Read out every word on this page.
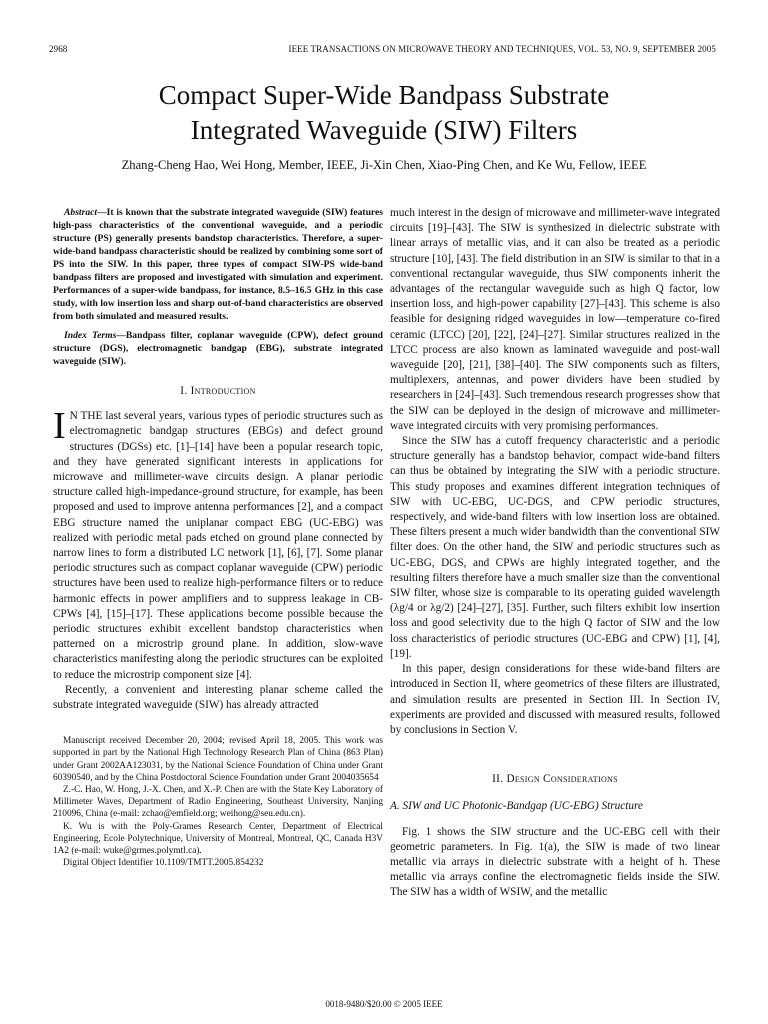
2968	IEEE TRANSACTIONS ON MICROWAVE THEORY AND TECHNIQUES, VOL. 53, NO. 9, SEPTEMBER 2005
Compact Super-Wide Bandpass Substrate
Integrated Waveguide (SIW) Filters
Zhang-Cheng Hao, Wei Hong, Member, IEEE, Ji-Xin Chen, Xiao-Ping Chen, and Ke Wu, Fellow, IEEE

Abstract—It is known that the substrate integrated waveguide (SIW) features high-pass characteristics of the conventional waveguide, and a periodic structure (PS) generally presents bandstop characteristics. Therefore, a super-wide-band bandpass characteristic should be realized by combining some sort of PS into the SIW. In this paper, three types of compact SIW-PS wide-band bandpass filters are proposed and investigated with simulation and experiment. Performances of a super-wide bandpass, for instance, 8.5–16.5 GHz in this case study, with low insertion loss and sharp out-of-band characteristics are observed from both simulated and measured results.

Index Terms—Bandpass filter, coplanar waveguide (CPW), defect ground structure (DGS), electromagnetic bandgap (EBG), substrate integrated waveguide (SIW).

I. Introduction

I N THE last several years, various types of periodic structures such as electromagnetic bandgap structures (EBGs) and defect ground structures (DGSs) etc. [1]–[14] have been a popular research topic, and they have generated significant interests in applications for microwave and millimeter-wave circuits design. A planar periodic structure called high-impedance-ground structure, for example, has been proposed and used to improve antenna performances [2], and a compact EBG structure named the uniplanar compact EBG (UC-EBG) was realized with periodic metal pads etched on ground plane connected by narrow lines to form a distributed LC network [1], [6], [7]. Some planar periodic structures such as compact coplanar waveguide (CPW) periodic structures have been used to realize high-performance filters or to reduce harmonic effects in power amplifiers and to suppress leakage in CB-CPWs [4], [15]–[17]. These applications become possible because the periodic structures exhibit excellent bandstop characteristics when patterned on a microstrip ground plane. In addition, slow-wave characteristics manifesting along the periodic structures can be exploited to reduce the microstrip component size [4].

Recently, a convenient and interesting planar scheme called the substrate integrated waveguide (SIW) has already attracted

Manuscript received December 20, 2004; revised April 18, 2005. This work was supported in part by the National High Technology Research Plan of China (863 Plan) under Grant 2002AA123031, by the National Science Foundation of China under Grant 60390540, and by the China Postdoctoral Science Foundation under Grant 2004035654

Z.-C. Hao, W. Hong, J.-X. Chen, and X.-P. Chen are with the State Key Laboratory of Millimeter Waves, Department of Radio Engineering, Southeast University, Nanjing 210096, China (e-mail: zchao@emfield.org; weihong@seu.edu.cn).

K. Wu is with the Poly-Grames Research Center, Department of Electrical Engineering, Ecole Polytechnique, University of Montreal, Montreal, QC, Canada H3V 1A2 (e-mail: wuke@grmes.polymtl.ca).

Digital Object Identifier 10.1109/TMTT.2005.854232

much interest in the design of microwave and millimeter-wave integrated circuits [19]–[43]. The SIW is synthesized in dielectric substrate with linear arrays of metallic vias, and it can also be treated as a periodic structure [10], [43]. The field distribution in an SIW is similar to that in a conventional rectangular waveguide, thus SIW components inherit the advantages of the rectangular waveguide such as high Q factor, low insertion loss, and high-power capability [27]–[43]. This scheme is also feasible for designing ridged waveguides in low—temperature co-fired ceramic (LTCC) [20], [22], [24]–[27]. Similar structures realized in the LTCC process are also known as laminated waveguide and post-wall waveguide [20], [21], [38]–[40]. The SIW components such as filters, multiplexers, antennas, and power dividers have been studied by researchers in [24]–[43]. Such tremendous research progresses show that the SIW can be deployed in the design of microwave and millimeter-wave integrated circuits with very promising performances.

Since the SIW has a cutoff frequency characteristic and a periodic structure generally has a bandstop behavior, compact wide-band filters can thus be obtained by integrating the SIW with a periodic structure. This study proposes and examines different integration techniques of SIW with UC-EBG, UC-DGS, and CPW periodic structures, respectively, and wide-band filters with low insertion loss are obtained. These filters present a much wider bandwidth than the conventional SIW filter does. On the other hand, the SIW and periodic structures such as UC-EBG, DGS, and CPWs are highly integrated together, and the resulting filters therefore have a much smaller size than the conventional SIW filter, whose size is comparable to its operating guided wavelength (λg/4 or λg/2) [24]–[27], [35]. Further, such filters exhibit low insertion loss and good selectivity due to the high Q factor of SIW and the low loss characteristics of periodic structures (UC-EBG and CPW) [1], [4], [19].

In this paper, design considerations for these wide-band filters are introduced in Section II, where geometrics of these filters are illustrated, and simulation results are presented in Section III. In Section IV, experiments are provided and discussed with measured results, followed by conclusions in Section V.

II. Design Considerations
A. SIW and UC Photonic-Bandgap (UC-EBG) Structure

Fig. 1 shows the SIW structure and the UC-EBG cell with their geometric parameters. In Fig. 1(a), the SIW is made of two linear metallic via arrays in dielectric substrate with a height of h. These metallic via arrays confine the electromagnetic fields inside the SIW. The SIW has a width of WSIW, and the metallic

0018-9480/$20.00 © 2005 IEEE
